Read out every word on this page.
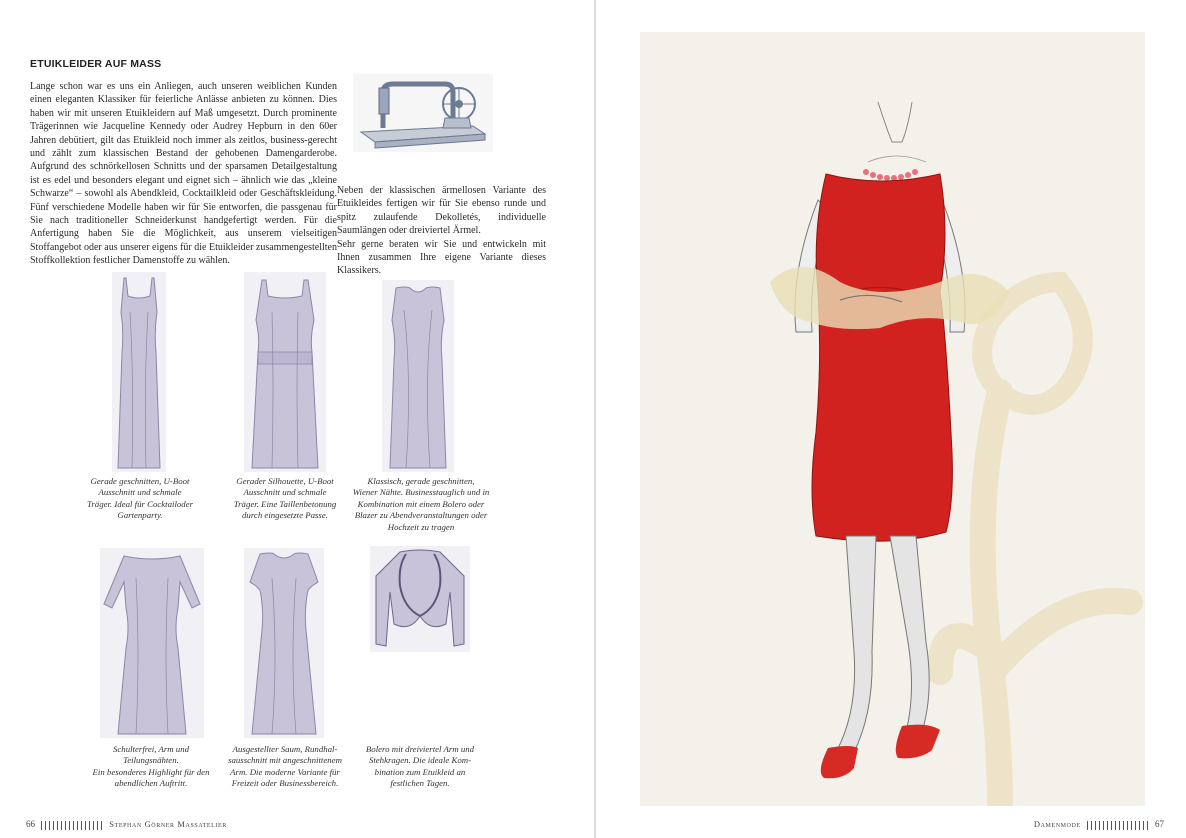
ETUIKLEIDER AUF MASS

Lange schon war es uns ein Anliegen, auch unseren weiblichen Kunden einen eleganten Klassiker für feierliche Anlässe anbieten zu können. Dies haben wir mit unseren Etuikleidern auf Maß umgesetzt. Durch prominente Trägerinnen wie Jacqueline Kennedy oder Audrey Hepburn in den 60er Jahren debütiert, gilt das Etuikleid noch immer als zeitlos, business-gerecht und zählt zum klassischen Bestand der gehobenen Damengarderobe. Aufgrund des schnörkellosen Schnitts und der sparsamen Detailgestaltung ist es edel und besonders elegant und eignet sich – ähnlich wie das „kleine Schwarze“ – sowohl als Abendkleid, Cocktailkleid oder Geschäftskleidung. Fünf verschiedene Modelle haben wir für Sie entworfen, die passgenau für Sie nach traditioneller Schneiderkunst handgefertigt werden. Für die Anfertigung haben Sie die Möglichkeit, aus unserem vielseitigen Stoffangebot oder aus unserer eigens für die Etuikleider zusammengestellten Stoffkollektion festlicher Damenstoffe zu wählen.

Neben der klassischen ärmellosen Variante des Etuikleides fertigen wir für Sie ebenso runde und spitz zulaufende Dekolletés, individuelle Saumlängen oder dreiviertel Ärmel.

Sehr gerne beraten wir Sie und entwickeln mit Ihnen zusammen Ihre eigene Variante dieses Klassikers.

Gerade geschnitten, U-Boot
Ausschnitt und schmale
Träger. Ideal für Cocktailoder
Gartenparty.
Gerader Silhouette, U-Boot
Ausschnitt und schmale
Träger. Eine Taillenbetonung
durch eingesetzte Passe.
Klassisch, gerade geschnitten,
Wiener Nähte. Businesstauglich und in
Kombination mit einem Bolero oder
Blazer zu Abendveranstaltungen oder
Hochzeit zu tragen
Schulterfrei, Arm und
Teilungsnähten.
Ein besonderes Highlight für den
abendlichen Auftritt.
Ausgestellter Saum, Rundhal-
sausschnitt mit angeschnittenem
Arm. Die moderne Variante für
Freizeit oder Businessbereich.
Bolero mit dreiviertel Arm und
Stehkragen. Die ideale Kom-
bination zum Etuikleid an
festlichen Tagen.
66	Stephan Görner Massatelier	Damenmode	67
